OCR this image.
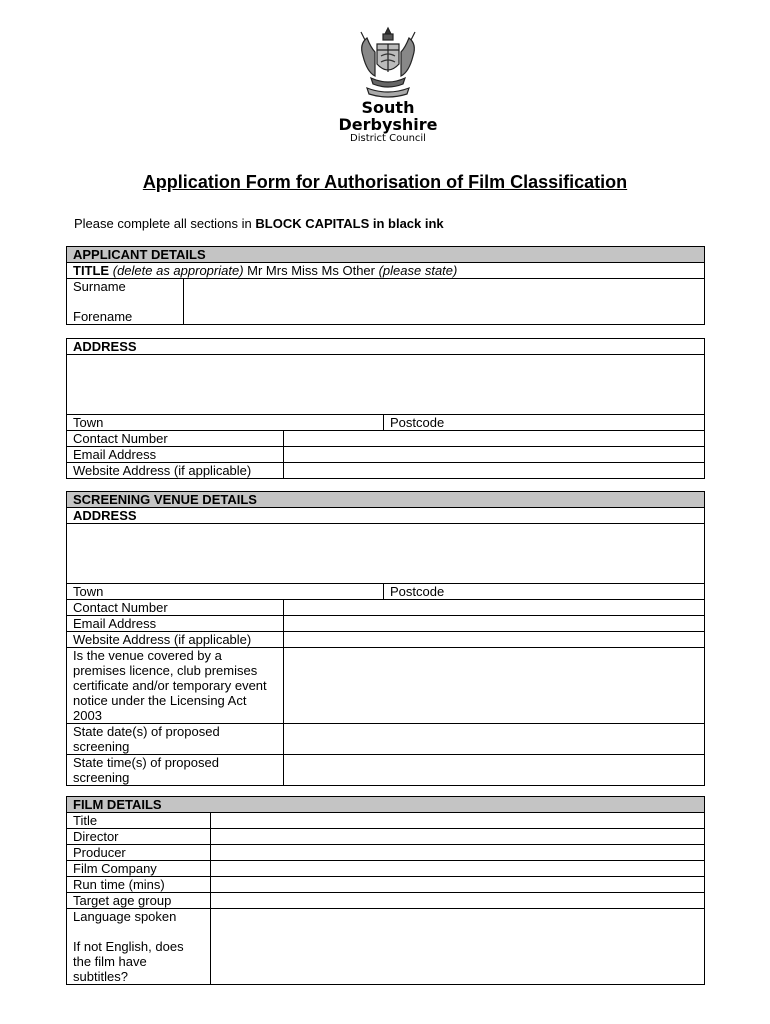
South
Derbyshire
District Council
Application Form for Authorisation of Film Classification
Please complete all sections in BLOCK CAPITALS in black ink
APPLICANT DETAILS
TITLE (delete as appropriate) Mr Mrs Miss Ms Other (please state)

Surname
Forename

ADDRESS		

Town		Postcode
Contact Number		
Email Address		
Website Address (if applicable)		
SCREENING VENUE DETAILS		
ADDRESS		

Town		Postcode
Contact Number		
Email Address		
Website Address (if applicable)		
Is the venue covered by a premises licence, club premises certificate and/or temporary event notice under the Licensing Act 2003		
State date(s) of proposed screening		
State time(s) of proposed screening		
FILM DETAILS	
Title	
Director	
Producer	
Film Company	
Run time (mins)	
Target age group	

Language spoken
If not English, does the film have subtitles?	
